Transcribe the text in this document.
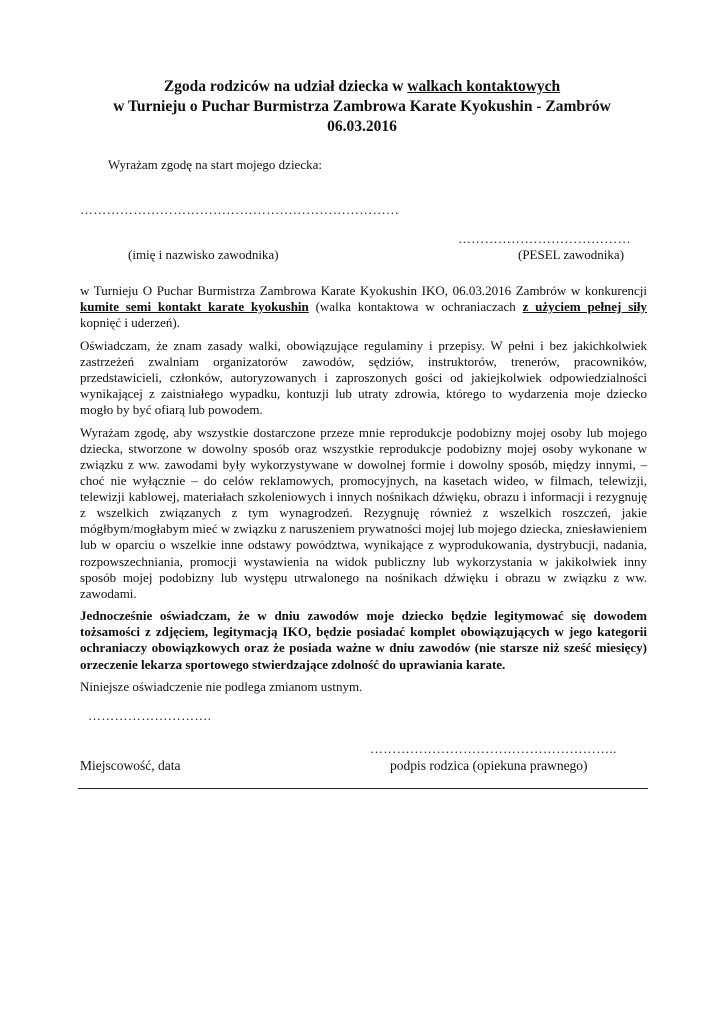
Zgoda rodziców na udział dziecka w walkach kontaktowych
w Turnieju o Puchar Burmistrza Zambrowa Karate Kyokushin - Zambrów
06.03.2016
Wyrażam zgodę na start mojego dziecka:
………………………………………………………………
…………………………………
(imię i nazwisko zawodnika)	(PESEL zawodnika)

w Turnieju O Puchar Burmistrza Zambrowa Karate Kyokushin IKO, 06.03.2016 Zambrów w konkurencji kumite semi kontakt karate kyokushin (walka kontaktowa w ochraniaczach z użyciem pełnej siły kopnięć i uderzeń).

Oświadczam, że znam zasady walki, obowiązujące regulaminy i przepisy. W pełni i bez jakichkolwiek zastrzeżeń zwalniam organizatorów zawodów, sędziów, instruktorów, trenerów, pracowników, przedstawicieli, członków, autoryzowanych i zaproszonych gości od jakiejkolwiek odpowiedzialności wynikającej z zaistniałego wypadku, kontuzji lub utraty zdrowia, którego to wydarzenia moje dziecko mogło by być ofiarą lub powodem.

Wyrażam zgodę, aby wszystkie dostarczone przeze mnie reprodukcje podobizny mojej osoby lub mojego dziecka, stworzone w dowolny sposób oraz wszystkie reprodukcje podobizny mojej osoby wykonane w związku z ww. zawodami były wykorzystywane w dowolnej formie i dowolny sposób, między innymi, – choć nie wyłącznie – do celów reklamowych, promocyjnych, na kasetach wideo, w filmach, telewizji, telewizji kablowej, materiałach szkoleniowych i innych nośnikach dźwięku, obrazu i informacji i rezygnuję z wszelkich związanych z tym wynagrodzeń. Rezygnuję również z wszelkich roszczeń, jakie mógłbym/mogłabym mieć w związku z naruszeniem prywatności mojej lub mojego dziecka, zniesławieniem lub w oparciu o wszelkie inne odstawy powództwa, wynikające z wyprodukowania, dystrybucji, nadania, rozpowszechniania, promocji wystawienia na widok publiczny lub wykorzystania w jakikolwiek inny sposób mojej podobizny lub występu utrwalonego na nośnikach dźwięku i obrazu w związku z ww. zawodami.

Jednocześnie oświadczam, że w dniu zawodów moje dziecko będzie legitymować się dowodem tożsamości z zdjęciem, legitymacją IKO, będzie posiadać komplet obowiązujących w jego kategorii ochraniaczy obowiązkowych oraz że posiada ważne w dniu zawodów (nie starsze niż sześć miesięcy) orzeczenie lekarza sportowego stwierdzające zdolność do uprawiania karate.

Niniejsze oświadczenie nie podlega zmianom ustnym.

……………………….
………………………………………………..
Miejscowość, data	podpis rodzica (opiekuna prawnego)
